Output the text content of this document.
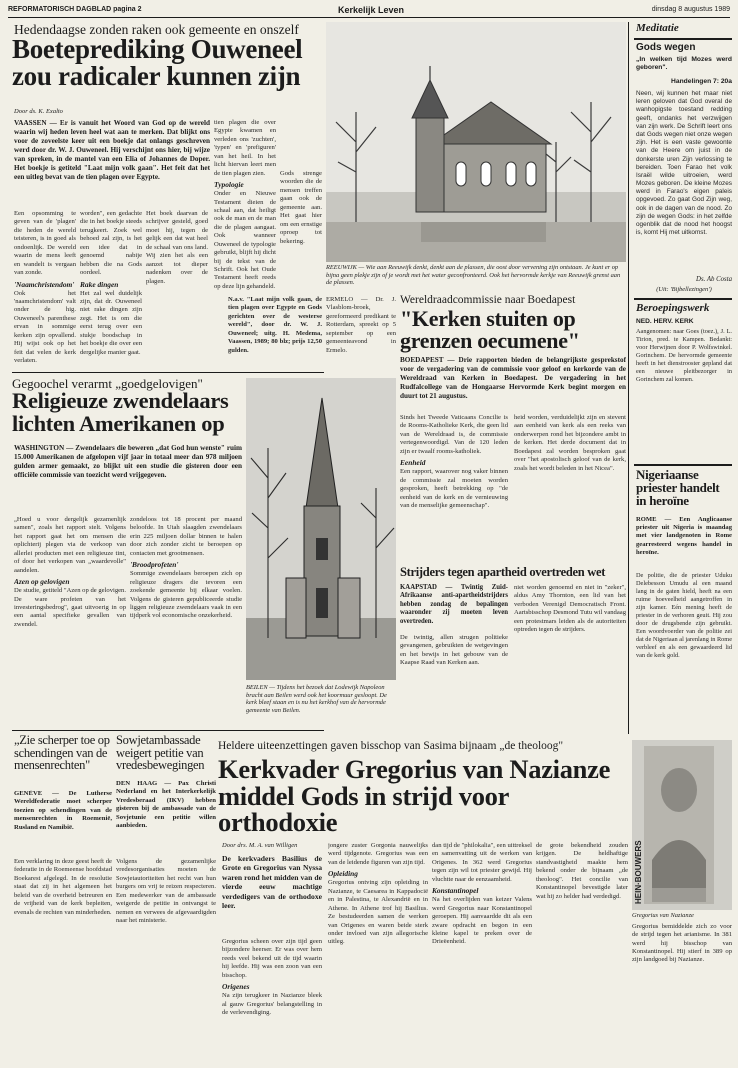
REFORMATORISCH DAGBLAD pagina 2	Kerkelijk Leven	dinsdag 8 augustus 1989
Hedendaagse zonden raken ook gemeente en onszelf
Boeteprediking Ouweneel zou radicaler kunnen zijn
Door ds. K. Exalto
VAASSEN — Er is vanuit het Woord van God op de wereld waarin wij heden leven heel wat aan te merken. Dat blijkt ons voor de zoveelste keer uit een boekje dat onlangs geschreven werd door dr. W. J. Ouweneel. Hij verschijnt ons hier, bij wijze van spreken, in de mantel van een Elia of Johannes de Doper. Het boekje is getiteld "Laat mijn volk gaan". Het feit dat het een uitleg bevat van de tien plagen over Egypte.
Een opsomming te geven van de 'plagen' die heden de wereld teisteren, is in goed als ondoenlijk. De wereld waarin de mens leeft en wandelt is vergaan van zonde.
'Naamchristendom'
Ook het 'naamchristendom' valt onder de hig. Ouweneel's parenthese ervan in sommige kerken zijn opvallend. Hij wijst ook op het feit dat velen de kerk verlaten.
worden", een gedachte die in het boekje steeds terugkeert. Zoek wel behoed zal zijn, is het een idee dat in genoemd nabije hebben die na Gods oordeel.
Rake dingen
Het zal wel duidelijk zijn, dat dr. Ouweneel niet rake dingen zijn zegt. Het is om die eerst terug over een stukje boodschap in het boekje die over een dergelijke manier gaat.
Het boek daarvan de schrijver gesteld, goed moet hij, tegen de gelijk een dat wat heel de schaal van ons land. Wij zien het als een aanzet tot dieper nadenken over de plagen.
tien plagen die over Egypte kwamen en verleden ons 'zuchten', 'typen' en 'prefiguren' van het heil. In het licht hiervan leert men de tien plagen zien.
Typologie
Onder en Nieuwe Testament dieien de schaal aan, dat heiligt ook de man en de man die de plagen aangaat. Ook wanneer Ouweneel de typologie gebruikt, blijft hij dicht bij de tekst van de Schrift. Ook het Oude Testament heeft reeds op deze lijn gehandeld.
Gods strenge woorden die de mensen treffen gaan ook de gemeente aan. Het gaat hier om een ernstige oproep tot bekering.
N.a.v. "Laat mijn volk gaan, de tien plagen over Egypte en Gods gerichten over de westerse wereld", door dr. W. J. Ouweneel; uitg. H. Medema, Vaassen, 1989; 80 blz; prijs 12,50 gulden.
REEUWIJK — Wie aan Reeuwijk denkt, denkt aan de plassen, die oost door vervening zijn ontstaan. Je kunt er op bijna geen plekje zijn of je wordt met het water geconfronteerd. Ook het hervormde kerkje van Reeuwijk grenst aan de plassen.
ERMELO — Dr. J. Vlasblom-broek, gereformeerd predikant te Rotterdam, spreekt op 5 september op een gemeenteavond in Ermelo.
Wereldraadcommissie naar Boedapest
"Kerken stuiten op grenzen oecumene"
BOEDAPEST — Drie rapporten bieden de belangrijkste gesprekstof voor de vergadering van de commissie voor geloof en kerkorde van de Wereldraad van Kerken in Boedapest. De vergadering in het Rudfalcollege van de Hongaarse Hervormde Kerk begint morgen en duurt tot 21 augustus.
Sinds het Tweede Vaticaans Concilie is de Rooms-Katholieke Kerk, die geen lid van de Wereldraad is, de commissie vertegenwoordigd. Van de 120 leden zijn er twaalf rooms-katholiek.
Eenheid
Een rapport, waarover nog vaker binnen de commissie zal moeten worden gesproken, heeft betrekking op "de eenheid van de kerk en de vernieuwing van de menselijke gemeenschap".
heid worden, verduidelijkt zijn en stevent aan eenheid van kerk als een reeks van onderwerpen rond het bijzondere ambt in de kerken. Het derde document dat in Boedapest zal worden besproken gaat over "het apostolisch geloof van de kerk, zoals het wordt beleden in het Nicea".
Strijders tegen apartheid overtreden wet
KAAPSTAD — Twintig Zuid-Afrikaanse anti-apartheidstrijders hebben zondag de bepalingen waaronder zij moeten leven overtreden.
De twintig, allen strugen politieke gevangenen, gebruikten de wetgevingen en het bewijs in het gebouw van de Kaapse Raad van Kerken aan.
niet worden genoemd en niet in "zeker", aldus Amy Thornton, een lid van het verboden Verenigd Democratisch Front. Aartsbisschop Desmond Tutu wil vandaag een protestmars leiden als de autoriteiten optreden tegen de strijders.
Gegoochel verarmt „goedgelovigen"
Religieuze zwendelaars lichten Amerikanen op
WASHINGTON — Zwendelaars die beweren „dat God hun wenste" ruim 15.000 Amerikanen de afgelopen vijf jaar in totaal meer dan 978 miljoen gulden armer gemaakt, zo blijkt uit een studie die gisteren door een officiële commissie van toezicht werd vrijgegeven.
„Hoed u voor dergelijk gezamenlijk samen", zoals het rapport stelt. Volgens het rapport gaat het om mensen die oplichterij plegen via de verkoop van allerlei producten met een religieuze tint, of door het verkopen van „waardevolle" aandelen.
Azen op gelovigen
De studie, getiteld "Azen op de gelovigen. De ware profeten van het investeringsbedrog", gaat uitvoerig in op een aantal specifieke gevallen van zwendel.
zondeloos tot 18 procent per maand beloofde. In Utah slaagden zwendelaars erin 225 miljoen dollar binnen te halen door zich zonder zicht te beroepen op contacten met grootmensen.
'Broodprofeten'
Sommige zwendelaars beroepen zich op religieuze dragers die tevoren een zoekende gemeente bij elkaar voelen. Volgens de gisteren gepubliceerde studie liggen religieuze zwendelaars vaak in een tijdperk vol economische onzekerheid.
BEILEN — Tijdens het bezoek dat Lodewijk Napoleon bracht aan Beilen werd ook het koormuur gesloopt. De kerk bleef staan en is nu het kerkhof van de hervormde gemeente van Beilen.
Heldere uiteenzettingen gaven bisschop van Sasima bijnaam „de theoloog"
Kerkvader Gregorius van Nazianze middel Gods in strijd voor orthodoxie
Door drs. M. A. van Willigen
De kerkvaders Basilius de Grote en Gregorius van Nyssa waren rond het midden van de vierde eeuw machtige verdedigers van de orthodoxe leer.
Gregorius scheen over zijn tijd geen bijzondere heerser. Er was over hem reeds veel bekend uit de tijd waarin hij leefde. Hij was een zoon van een bisschop.
Origenes
Na zijn terugkeer in Nazianze bleek al gauw Gregorius' belangstelling in de verlevendiging.
jongere zuster Gorgonia nauwelijks werd tijdgenote. Gregorius was een van de leidende figuren van zijn tijd.
Opleiding
Gregorius ontving zijn opleiding in Nazianze, te Caesarea in Kappadocië en in Palestina, te Alexandrië en in Athene. In Athene trof hij Basilius. Ze bestudeerden samen de werken van Origenes en waren beide sterk onder invloed van zijn allegorische uitleg.
dan tijd de "philokalia", een uittreksel en samenvatting uit de werken van Origenes. In 362 werd Gregorius tegen zijn wil tot priester gewijd. Hij vluchtte naar de eenzaamheid.
Konstantinopel
Na het overlijden van keizer Valens werd Gregorius naar Konstantinopel geroepen. Hij aanvaardde dit als een zware opdracht en begon in een kleine kapel te preken over de Drieëenheid.
de grote bekendheid zouden krijgen. De heldhaftige standvastigheid maakte hem bekend onder de bijnaam „de theoloog". Het concilie van Konstantinopel bevestigde later wat hij zo helder had verdedigd.
„Zie scherper toe op schendingen van de mensenrechten"
GENÈVE — De Lutherse Wereldfederatie moet scherper toezien op schendingen van de mensenrechten in Roemenië, Rusland en Namibië.
Een verklaring in deze geest heeft de federatie in de Roemeense hoofdstad Boekarest afgelegd. In de resolutie staat dat zij in het algemeen het beleid van de overheid betreuren en de vrijheid van de kerk bepleiten, evenals de rechten van minderheden.
Sowjetambassade weigert petitie van vredesbewegingen
DEN HAAG — Pax Christi Nederland en het Interkerkelijk Vredesberaad (IKV) hebben gisteren bij de ambassade van de Sovjetunie een petitie willen aanbieden.
Volgens de gezamenlijke vredesorganisaties moeten de Sowjetautoriteiten het recht van hun burgers om vrij te reizen respecteren. Een medewerker van de ambassade weigerde de petitie in ontvangst te nemen en verwees de afgevaardigden naar het ministerie.
HEIN·BOUWERS
Gregorius van Nazianze
Gregorius bemiddelde zich zo voor de strijd tegen het arianisme. In 381 werd hij bisschop van Konstantinopel. Hij stierf in 389 op zijn landgoed bij Nazianze.
Meditatie
Gods wegen
„In welken tijd Mozes werd geboren".
Handelingen 7: 20a
Neen, wij kunnen het maar niet leren geloven dat God overal de wanhopigste toestand redding geeft, ondanks het verzwijgen van zijn werk. De Schrift leert ons dat Gods wegen niet onze wegen zijn. Het is een vaste gewoonte van de Heere om juist in de donkerste uren Zijn verlossing te bereiden. Toen Farao het volk Israël wilde uitroeien, werd Mozes geboren. De kleine Mozes werd in Farao's eigen paleis opgevoed. Zo gaat God Zijn weg, ook in de dagen van de nood. Zo zijn de wegen Gods: in het zelfde ogenblik dat de nood het hoogst is, komt Hij met uitkomst.
Ds. Ab Costa
(Uit: 'Bijbellezingen')
Beroepingswerk
NED. HERV. KERK
Aangenomen: naar Goes (toez.), J. L. Tirion, pred. te Kampen. Bedankt: voor Herwijnen door P. Wolfswinkel. Gorinchem. De hervormde gemeente heeft in het dienstrooster gepland dat een nieuwe pleitbezorger in Gorinchem zal komen.
Nigeriaanse priester handelt in heroïne
ROME — Een Anglicaanse priester uit Nigeria is maandag met vier landgenoten in Rome gearresteerd wegens handel in heroïne.
De politie, die de priester Uduku Delebesson Umudu al een maand lang in de gaten hield, heeft na een ruime hoeveelheid aangetroffen in zijn kamer. Eén mening heeft de priester in de verhoren geuit. Hij zou door de drugsbende zijn gebruikt. Een woordvoerder van de politie zei dat de Nigeriaan al jarenlang in Rome verbleef en als een gewaardeerd lid van de kerk gold.
